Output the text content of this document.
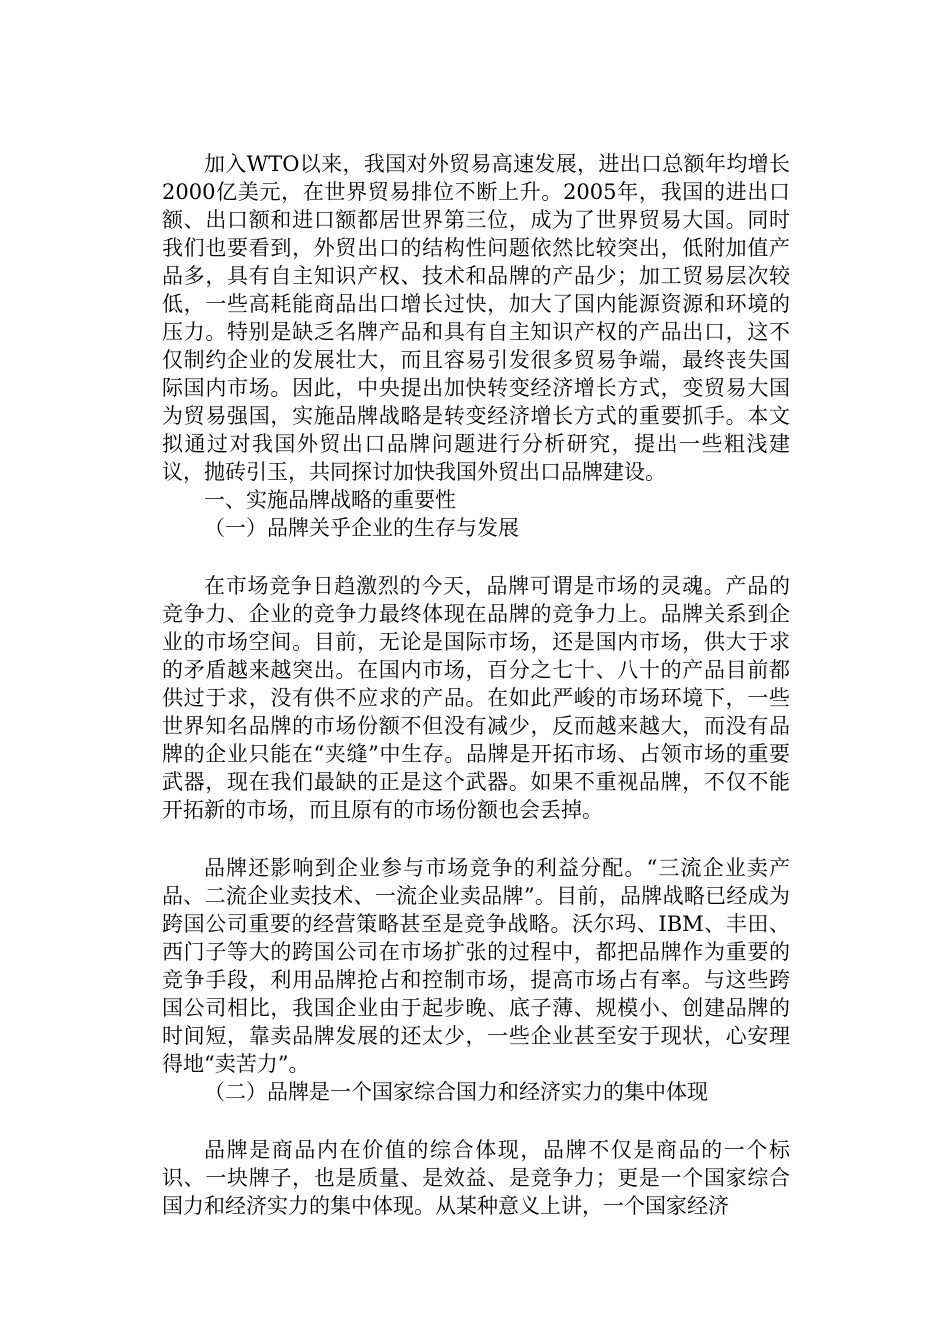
加入WTO以来，我国对外贸易高速发展，进出口总额年均增长2000亿美元，在世界贸易排位不断上升。2005年，我国的进出口额、出口额和进口额都居世界第三位，成为了世界贸易大国。同时我们也要看到，外贸出口的结构性问题依然比较突出，低附加值产品多，具有自主知识产权、技术和品牌的产品少；加工贸易层次较低，一些高耗能商品出口增长过快，加大了国内能源资源和环境的压力。特别是缺乏名牌产品和具有自主知识产权的产品出口，这不仅制约企业的发展壮大，而且容易引发很多贸易争端，最终丧失国际国内市场。因此，中央提出加快转变经济增长方式，变贸易大国为贸易强国，实施品牌战略是转变经济增长方式的重要抓手。本文拟通过对我国外贸出口品牌问题进行分析研究，提出一些粗浅建议，抛砖引玉，共同探讨加快我国外贸出口品牌建设。

一、实施品牌战略的重要性

（一）品牌关乎企业的生存与发展

在市场竞争日趋激烈的今天，品牌可谓是市场的灵魂。产品的竞争力、企业的竞争力最终体现在品牌的竞争力上。品牌关系到企业的市场空间。目前，无论是国际市场，还是国内市场，供大于求的矛盾越来越突出。在国内市场，百分之七十、八十的产品目前都供过于求，没有供不应求的产品。在如此严峻的市场环境下，一些世界知名品牌的市场份额不但没有减少，反而越来越大，而没有品牌的企业只能在“夹缝”中生存。品牌是开拓市场、占领市场的重要武器，现在我们最缺的正是这个武器。如果不重视品牌，不仅不能开拓新的市场，而且原有的市场份额也会丢掉。

品牌还影响到企业参与市场竞争的利益分配。“三流企业卖产品、二流企业卖技术、一流企业卖品牌”。目前，品牌战略已经成为跨国公司重要的经营策略甚至是竞争战略。沃尔玛、IBM、丰田、西门子等大的跨国公司在市场扩张的过程中，都把品牌作为重要的竞争手段，利用品牌抢占和控制市场，提高市场占有率。与这些跨国公司相比，我国企业由于起步晚、底子薄、规模小、创建品牌的时间短，靠卖品牌发展的还太少，一些企业甚至安于现状，心安理得地“卖苦力”。

（二）品牌是一个国家综合国力和经济实力的集中体现

品牌是商品内在价值的综合体现，品牌不仅是商品的一个标识、一块牌子，也是质量、是效益、是竞争力；更是一个国家综合国力和经济实力的集中体现。从某种意义上讲，一个国家经济
